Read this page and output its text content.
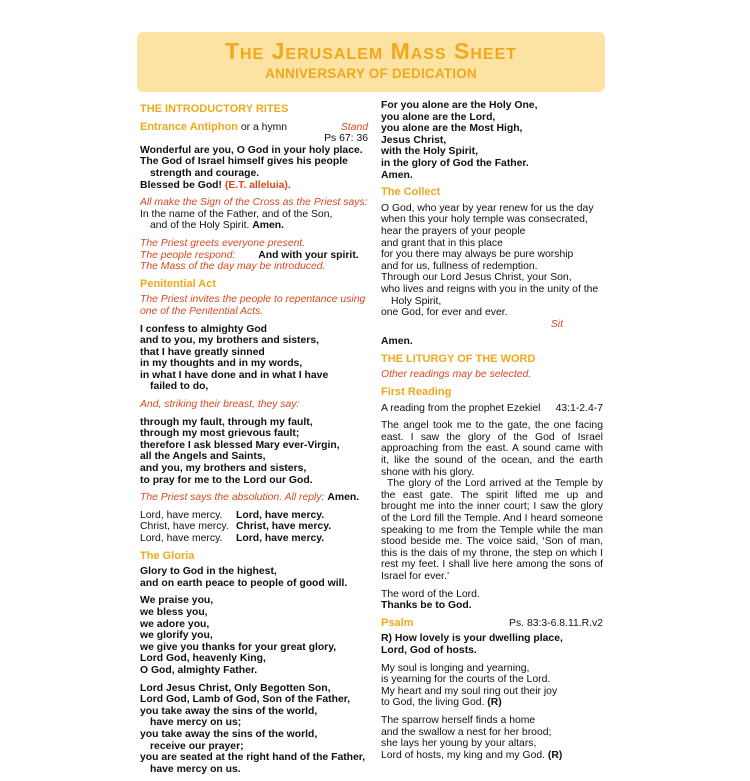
The Jerusalem Mass Sheet
ANNIVERSARY OF DEDICATION
THE INTRODUCTORY RITES
Entrance Antiphon or a hymn	Stand
Ps 67: 36

Wonderful are you, O God in your holy place.
The God of Israel himself gives his people
strength and courage.
Blessed be God! (E.T. alleluia).

All make the Sign of the Cross as the Priest says:

In the name of the Father, and of the Son,
and of the Holy Spirit. Amen.

The Priest greets everyone present.
The people respond: And with your spirit.

The Mass of the day may be introduced.

Penitential Act

The Priest invites the people to repentance using one of the Penitential Acts.

I confess to almighty God
and to you, my brothers and sisters,
that I have greatly sinned
in my thoughts and in my words,
in what I have done and in what I have
failed to do,

And, striking their breast, they say:

through my fault, through my fault,
through my most grievous fault;
therefore I ask blessed Mary ever-Virgin,
all the Angels and Saints,
and you, my brothers and sisters,
to pray for me to the Lord our God.

The Priest says the absolution. All reply: Amen.

Lord, have mercy.	Lord, have mercy.
Christ, have mercy. Christ, have mercy.
Lord, have mercy.	Lord, have mercy.
The Gloria

Glory to God in the highest,
and on earth peace to people of good will.

We praise you,
we bless you,
we adore you,
we glorify you,
we give you thanks for your great glory,
Lord God, heavenly King,
O God, almighty Father.

Lord Jesus Christ, Only Begotten Son,
Lord God, Lamb of God, Son of the Father,
you take away the sins of the world,
have mercy on us;
you take away the sins of the world,
receive our prayer;
you are seated at the right hand of the Father,
have mercy on us.

For you alone are the Holy One,
you alone are the Lord,
you alone are the Most High,
Jesus Christ,
with the Holy Spirit,
in the glory of God the Father.
Amen.

The Collect
O God, who year by year renew for us the day
when this your holy temple was consecrated,
hear the prayers of your people
and grant that in this place
for you there may always be pure worship
and for us, fullness of redemption.
Through our Lord Jesus Christ, your Son,
who lives and reigns with you in the unity of the
Holy Spirit,
one God, for ever and ever.
Sit

Amen.

THE LITURGY OF THE WORD

Other readings may be selected.

First Reading
A reading from the prophet Ezekiel 43:1-2.4-7
The angel took me to the gate, the one facing east. I saw the glory of the God of Israel approaching from the east. A sound came with it, like the sound of the ocean, and the earth shone with his glory.

The glory of the Lord arrived at the Temple by the east gate. The spirit lifted me up and brought me into the inner court; I saw the glory of the Lord fill the Temple. And I heard someone speaking to me from the Temple while the man stood beside me. The voice said, ‘Son of man, this is the dais of my throne, the step on which I rest my feet. I shall live here among the sons of Israel for ever.’

The word of the Lord.
Thanks be to God.

Psalm	Ps. 83:3-6.8.11.R.v2

R) How lovely is your dwelling place,
Lord, God of hosts.

My soul is longing and yearning,
is yearning for the courts of the Lord.
My heart and my soul ring out their joy
to God, the living God. (R)

The sparrow herself finds a home
and the swallow a nest for her brood;
she lays her young by your altars,
Lord of hosts, my king and my God. (R)
